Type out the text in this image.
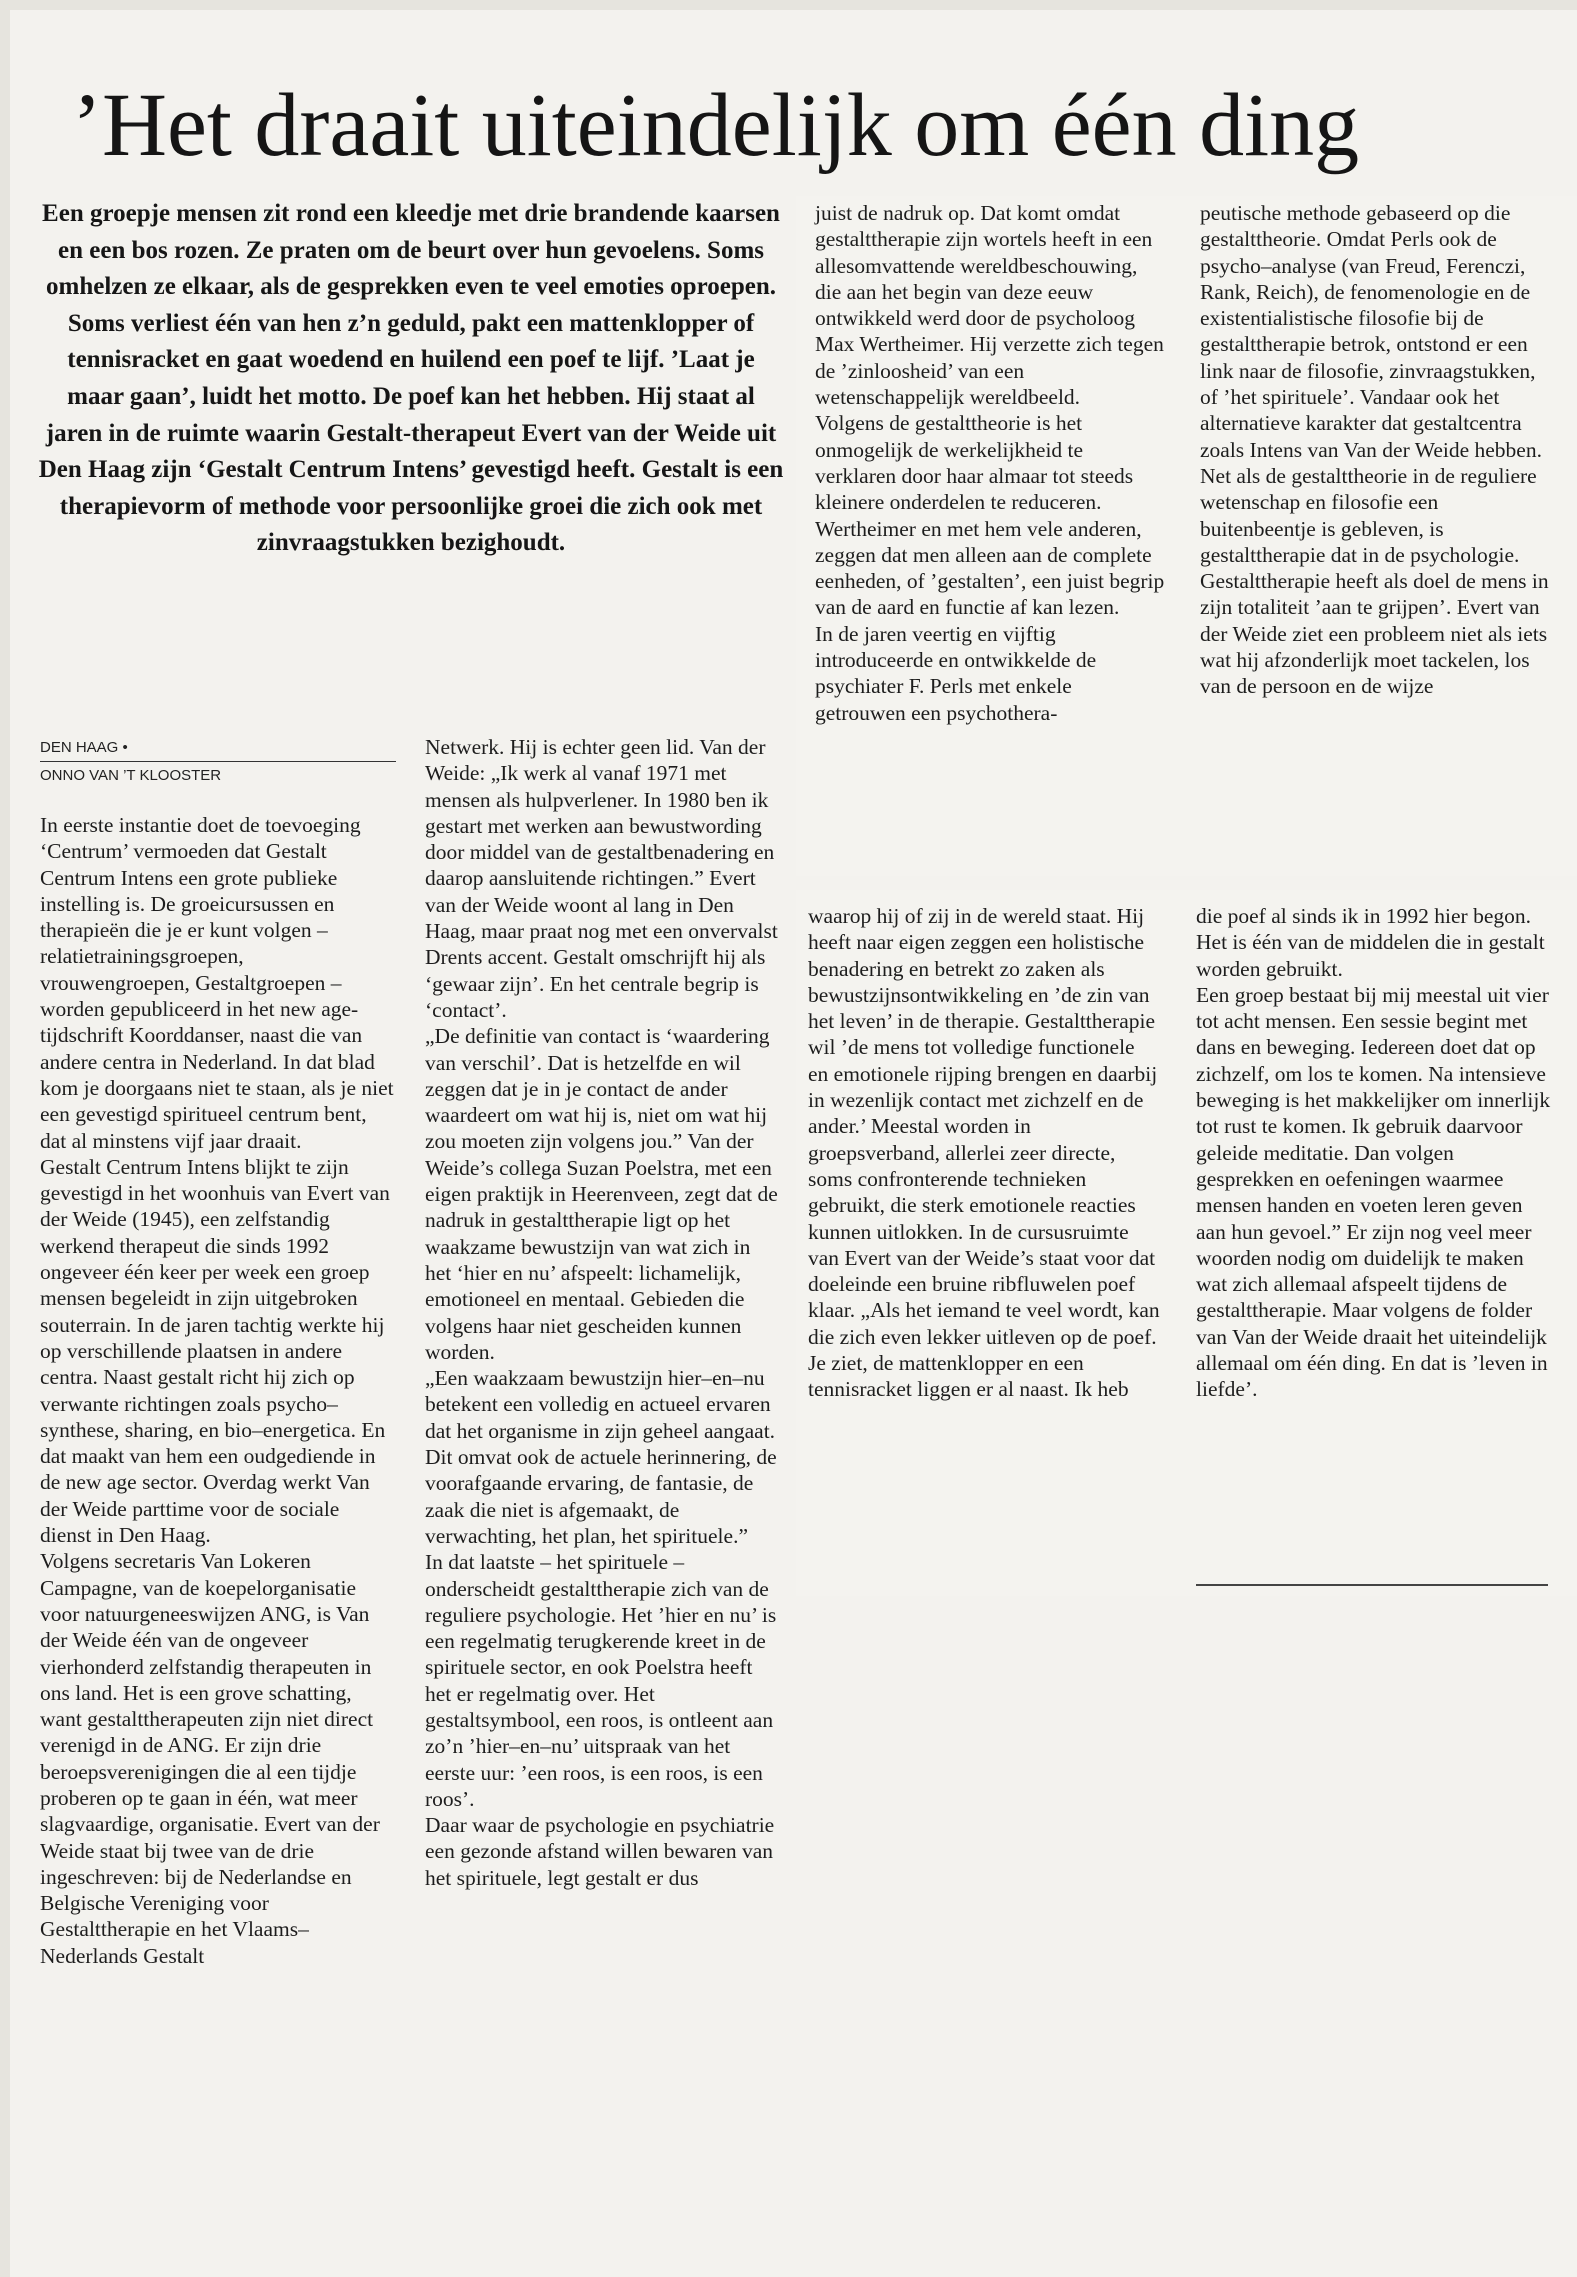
’Het draait uiteindelijk om één ding

Een groepje mensen zit rond een kleedje met drie brandende kaarsen en een bos rozen. Ze praten om de beurt over hun gevoelens. Soms omhelzen ze elkaar, als de gesprekken even te veel emoties oproepen. Soms verliest één van hen z’n geduld, pakt een mattenklopper of tennisracket en gaat woedend en huilend een poef te lijf. ’Laat je maar gaan’, luidt het motto. De poef kan het hebben. Hij staat al jaren in de ruimte waarin Gestalt-therapeut Evert van der Weide uit Den Haag zijn ‘Gestalt Centrum Intens’ gevestigd heeft. Gestalt is een therapievorm of methode voor persoonlijke groei die zich ook met zinvraagstukken bezighoudt.

DEN HAAG •
ONNO VAN ’T KLOOSTER

In eerste instantie doet de toevoeging ‘Centrum’ vermoeden dat Gestalt Centrum Intens een grote publieke instelling is. De groeicursussen en therapieën die je er kunt volgen – relatietrainingsgroepen, vrouwengroepen, Gestaltgroepen – worden gepubliceerd in het new age-tijdschrift Koorddanser, naast die van andere centra in Nederland. In dat blad kom je doorgaans niet te staan, als je niet een gevestigd spiritueel centrum bent, dat al minstens vijf jaar draait.

Gestalt Centrum Intens blijkt te zijn gevestigd in het woonhuis van Evert van der Weide (1945), een zelfstandig werkend therapeut die sinds 1992 ongeveer één keer per week een groep mensen begeleidt in zijn uitgebroken souterrain. In de jaren tachtig werkte hij op verschillende plaatsen in andere centra. Naast gestalt richt hij zich op verwante richtingen zoals psycho–synthese, sharing, en bio–energetica. En dat maakt van hem een oudgediende in de new age sector. Overdag werkt Van der Weide parttime voor de sociale dienst in Den Haag.

Volgens secretaris Van Lokeren Campagne, van de koepelorganisatie voor natuurgeneeswijzen ANG, is Van der Weide één van de ongeveer vierhonderd zelfstandig therapeuten in ons land. Het is een grove schatting, want gestalttherapeuten zijn niet direct verenigd in de ANG. Er zijn drie beroepsverenigingen die al een tijdje proberen op te gaan in één, wat meer slagvaardige, organisatie. Evert van der Weide staat bij twee van de drie ingeschreven: bij de Nederlandse en Belgische Vereniging voor Gestalttherapie en het Vlaams–Nederlands Gestalt

Netwerk. Hij is echter geen lid. Van der Weide: „Ik werk al vanaf 1971 met mensen als hulpverlener. In 1980 ben ik gestart met werken aan bewustwording door middel van de gestaltbenadering en daarop aansluitende richtingen.” Evert van der Weide woont al lang in Den Haag, maar praat nog met een onvervalst Drents accent. Gestalt omschrijft hij als ‘gewaar zijn’. En het centrale begrip is ‘contact’.

„De definitie van contact is ‘waardering van verschil’. Dat is hetzelfde en wil zeggen dat je in je contact de ander waardeert om wat hij is, niet om wat hij zou moeten zijn volgens jou.” Van der Weide’s collega Suzan Poelstra, met een eigen praktijk in Heerenveen, zegt dat de nadruk in gestalttherapie ligt op het waakzame bewustzijn van wat zich in het ‘hier en nu’ afspeelt: lichamelijk, emotioneel en mentaal. Gebieden die volgens haar niet gescheiden kunnen worden.

„Een waakzaam bewustzijn hier–en–nu betekent een volledig en actueel ervaren dat het organisme in zijn geheel aangaat. Dit omvat ook de actuele herinnering, de voorafgaande ervaring, de fantasie, de zaak die niet is afgemaakt, de verwachting, het plan, het spirituele.”

In dat laatste – het spirituele – onderscheidt gestalttherapie zich van de reguliere psychologie. Het ’hier en nu’ is een regelmatig terugkerende kreet in de spirituele sector, en ook Poelstra heeft het er regelmatig over. Het gestaltsymbool, een roos, is ontleent aan zo’n ’hier–en–nu’ uitspraak van het eerste uur: ’een roos, is een roos, is een roos’.

Daar waar de psychologie en psychiatrie een gezonde afstand willen bewaren van het spirituele, legt gestalt er dus

juist de nadruk op. Dat komt omdat gestalttherapie zijn wortels heeft in een allesomvattende wereldbeschouwing, die aan het begin van deze eeuw ontwikkeld werd door de psycholoog Max Wertheimer. Hij verzette zich tegen de ’zinloosheid’ van een wetenschappelijk wereldbeeld.

Volgens de gestalttheorie is het onmogelijk de werkelijkheid te verklaren door haar almaar tot steeds kleinere onderdelen te reduceren. Wertheimer en met hem vele anderen, zeggen dat men alleen aan de complete eenheden, of ’gestalten’, een juist begrip van de aard en functie af kan lezen.

In de jaren veertig en vijftig introduceerde en ontwikkelde de psychiater F. Perls met enkele getrouwen een psychothera-

peutische methode gebaseerd op die gestalttheorie. Omdat Perls ook de psycho–analyse (van Freud, Ferenczi, Rank, Reich), de fenomenologie en de existentialistische filosofie bij de gestalttherapie betrok, ontstond er een link naar de filosofie, zinvraagstukken, of ’het spirituele’. Vandaar ook het alternatieve karakter dat gestaltcentra zoals Intens van Van der Weide hebben.

Net als de gestalttheorie in de reguliere wetenschap en filosofie een buitenbeentje is gebleven, is gestalttherapie dat in de psychologie. Gestalttherapie heeft als doel de mens in zijn totaliteit ’aan te grijpen’. Evert van der Weide ziet een probleem niet als iets wat hij afzonderlijk moet tackelen, los van de persoon en de wijze

waarop hij of zij in de wereld staat. Hij heeft naar eigen zeggen een holistische benadering en betrekt zo zaken als bewustzijnsontwikkeling en ’de zin van het leven’ in de therapie. Gestalttherapie wil ’de mens tot volledige functionele en emotionele rijping brengen en daarbij in wezenlijk contact met zichzelf en de ander.’ Meestal worden in groepsverband, allerlei zeer directe, soms confronterende technieken gebruikt, die sterk emotionele reacties kunnen uitlokken. In de cursusruimte van Evert van der Weide’s staat voor dat doeleinde een bruine ribfluwelen poef klaar. „Als het iemand te veel wordt, kan die zich even lekker uitleven op de poef. Je ziet, de mattenklopper en een tennisracket liggen er al naast. Ik heb

die poef al sinds ik in 1992 hier begon. Het is één van de middelen die in gestalt worden gebruikt.

Een groep bestaat bij mij meestal uit vier tot acht mensen. Een sessie begint met dans en beweging. Iedereen doet dat op zichzelf, om los te komen. Na intensieve beweging is het makkelijker om innerlijk tot rust te komen. Ik gebruik daarvoor geleide meditatie. Dan volgen gesprekken en oefeningen waarmee mensen handen en voeten leren geven aan hun gevoel.” Er zijn nog veel meer woorden nodig om duidelijk te maken wat zich allemaal afspeelt tijdens de gestalttherapie. Maar volgens de folder van Van der Weide draait het uiteindelijk allemaal om één ding. En dat is ’leven in liefde’.
